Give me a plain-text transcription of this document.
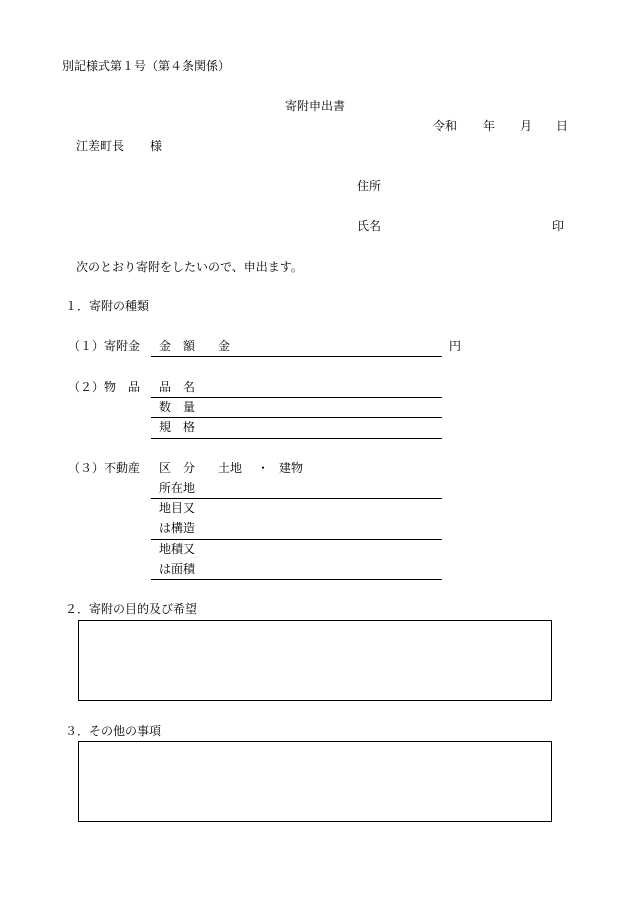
別記様式第１号（第４条関係）
寄附申出書
令和 年 月 日
江差町長 様
住所
氏名	印
次のとおり寄附をしたいので、申出ます。
１．寄附の種類
（１）寄附金 金　額 金	円
（２）物　品 品　名
数　量
規　格
（３）不動産 区　分 土地 ・ 建物
所在地
地目又
は構造
地積又
は面積
２．寄附の目的及び希望
３．その他の事項
